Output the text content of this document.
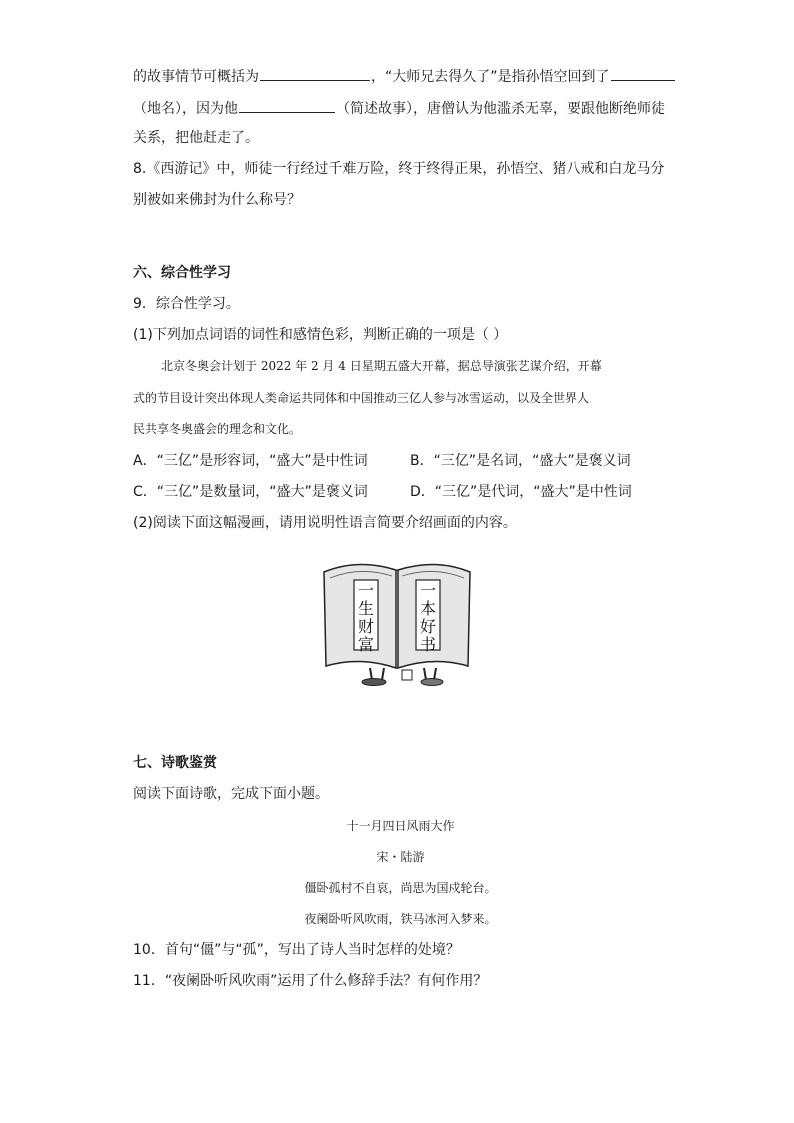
的故事情节可概括为	，“大师兄去得久了”是指孙悟空回到了
（地名），因为他	（简述故事），唐僧认为他滥杀无辜，要跟他断绝师徒
关系，把他赶走了。
8.《西游记》中，师徒一行经过千难万险，终于终得正果，孙悟空、猪八戒和白龙马分
别被如来佛封为什么称号？
六、综合性学习
9．综合性学习。
(1)下列加点词语的词性和感情色彩，判断正确的一项是（ ）
北京冬奥会计划于 2022 年 2 月 4 日星期五盛大开幕，据总导演张艺谋介绍，开幕
式的节目设计突出体现人类命运共同体和中国推动三亿人参与冰雪运动，以及全世界人
民共享冬奥盛会的理念和文化。
A．“三亿”是形容词，“盛大”是中性词	B．“三亿”是名词，“盛大”是褒义词
C．“三亿”是数量词，“盛大”是褒义词	D．“三亿”是代词，“盛大”是中性词
(2)阅读下面这幅漫画，请用说明性语言简要介绍画面的内容。
一生财富
一本好书
七、诗歌鉴赏
阅读下面诗歌，完成下面小题。
十一月四日风雨大作
宋・陆游
僵卧孤村不自哀，尚思为国戍轮台。
夜阑卧听风吹雨，铁马冰河入梦来。
10．首句“僵”与“孤”，写出了诗人当时怎样的处境？
11．“夜阑卧听风吹雨”运用了什么修辞手法？有何作用？
